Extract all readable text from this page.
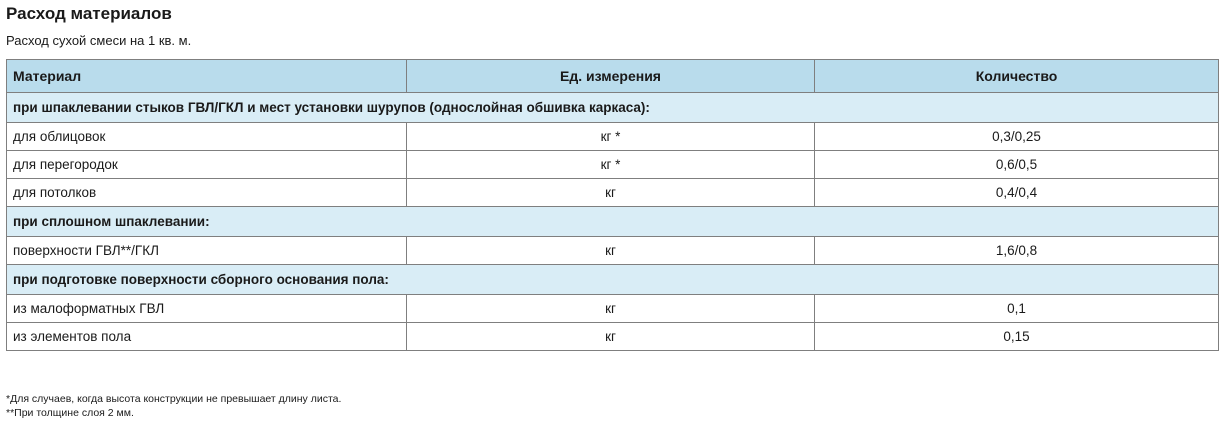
Расход материалов
Расход сухой смеси на 1 кв. м.
Материал	Ед. измерения	Количество
при шпаклевании стыков ГВЛ/ГКЛ и мест установки шурупов (однослойная обшивка каркаса):		
для облицовок	кг *	0,3/0,25
для перегородок	кг *	0,6/0,5
для потолков	кг	0,4/0,4
при сплошном шпаклевании:		
поверхности ГВЛ**/ГКЛ	кг	1,6/0,8
при подготовке поверхности сборного основания пола:		
из малоформатных ГВЛ	кг	0,1
из элементов пола	кг	0,15
*Для случаев, когда высота конструкции не превышает длину листа.
**При толщине слоя 2 мм.
